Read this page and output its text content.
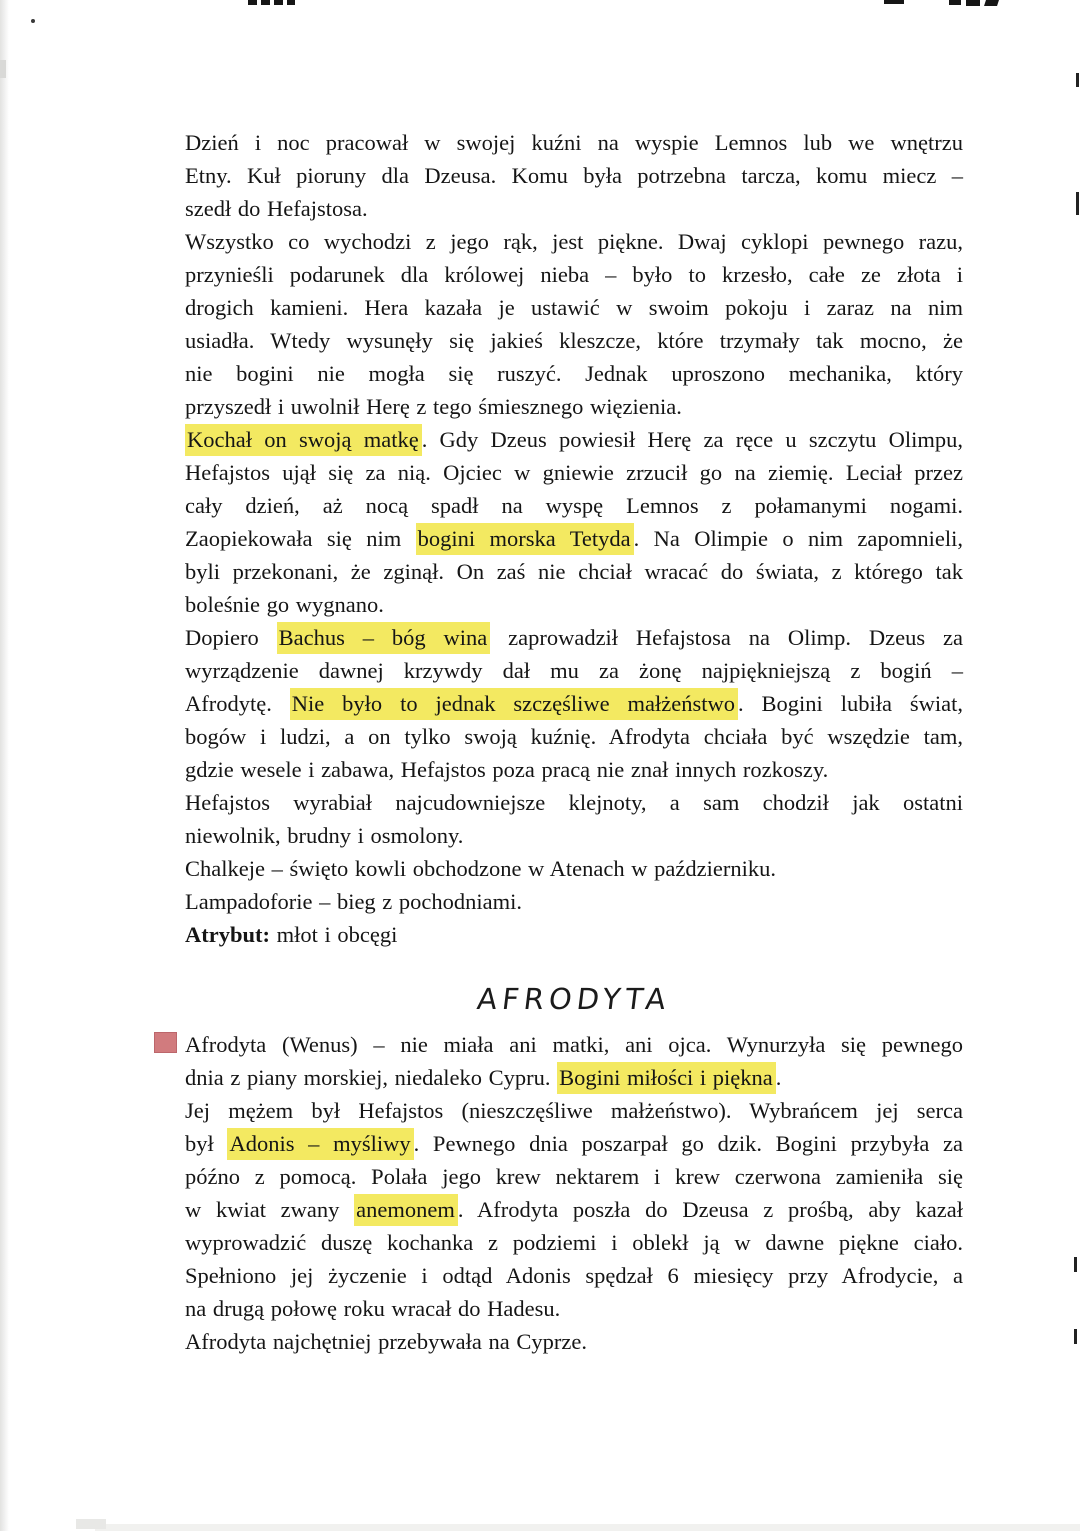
Dzień i noc pracował w swojej kuźni na wyspie Lemnos lub we wnętrzu
Etny. Kuł pioruny dla Dzeusa. Komu była potrzebna tarcza, komu miecz –
szedł do Hefajstosa.
Wszystko co wychodzi z jego rąk, jest piękne. Dwaj cyklopi pewnego razu,
przynieśli podarunek dla królowej nieba – było to krzesło, całe ze złota i
drogich kamieni. Hera kazała je ustawić w swoim pokoju i zaraz na nim
usiadła. Wtedy wysunęły się jakieś kleszcze, które trzymały tak mocno, że
nie bogini nie mogła się ruszyć. Jednak uproszono mechanika, który
przyszedł i uwolnił Herę z tego śmiesznego więzienia.
Kochał on swoją matkę . Gdy Dzeus powiesił Herę za ręce u szczytu Olimpu,
Hefajstos ujął się za nią. Ojciec w gniewie zrzucił go na ziemię. Leciał przez
cały dzień, aż nocą spadł na wyspę Lemnos z połamanymi nogami.
Zaopiekowała się nim bogini morska Tetyda . Na Olimpie o nim zapomnieli,
byli przekonani, że zginął. On zaś nie chciał wracać do świata, z którego tak
boleśnie go wygnano.
Dopiero Bachus – bóg wina zaprowadził Hefajstosa na Olimp. Dzeus za
wyrządzenie dawnej krzywdy dał mu za żonę najpiękniejszą z bogiń –
Afrodytę. Nie było to jednak szczęśliwe małżeństwo . Bogini lubiła świat,
bogów i ludzi, a on tylko swoją kuźnię. Afrodyta chciała być wszędzie tam,
gdzie wesele i zabawa, Hefajstos poza pracą nie znał innych rozkoszy.
Hefajstos wyrabiał najcudowniejsze klejnoty, a sam chodził jak ostatni
niewolnik, brudny i osmolony.
Chalkeje – święto kowli obchodzone w Atenach w październiku.
Lampadoforie – bieg z pochodniami.
Atrybut: młot i obcęgi
AFRODYTA
Afrodyta (Wenus) – nie miała ani matki, ani ojca. Wynurzyła się pewnego
dnia z piany morskiej, niedaleko Cypru. Bogini miłości i piękna .
Jej mężem był Hefajstos (nieszczęśliwe małżeństwo). Wybrańcem jej serca
był Adonis – myśliwy . Pewnego dnia poszarpał go dzik. Bogini przybyła za
późno z pomocą. Polała jego krew nektarem i krew czerwona zamieniła się
w kwiat zwany anemonem . Afrodyta poszła do Dzeusa z prośbą, aby kazał
wyprowadzić duszę kochanka z podziemi i oblekł ją w dawne piękne ciało.
Spełniono jej życzenie i odtąd Adonis spędzał 6 miesięcy przy Afrodycie, a
na drugą połowę roku wracał do Hadesu.
Afrodyta najchętniej przebywała na Cyprze.
